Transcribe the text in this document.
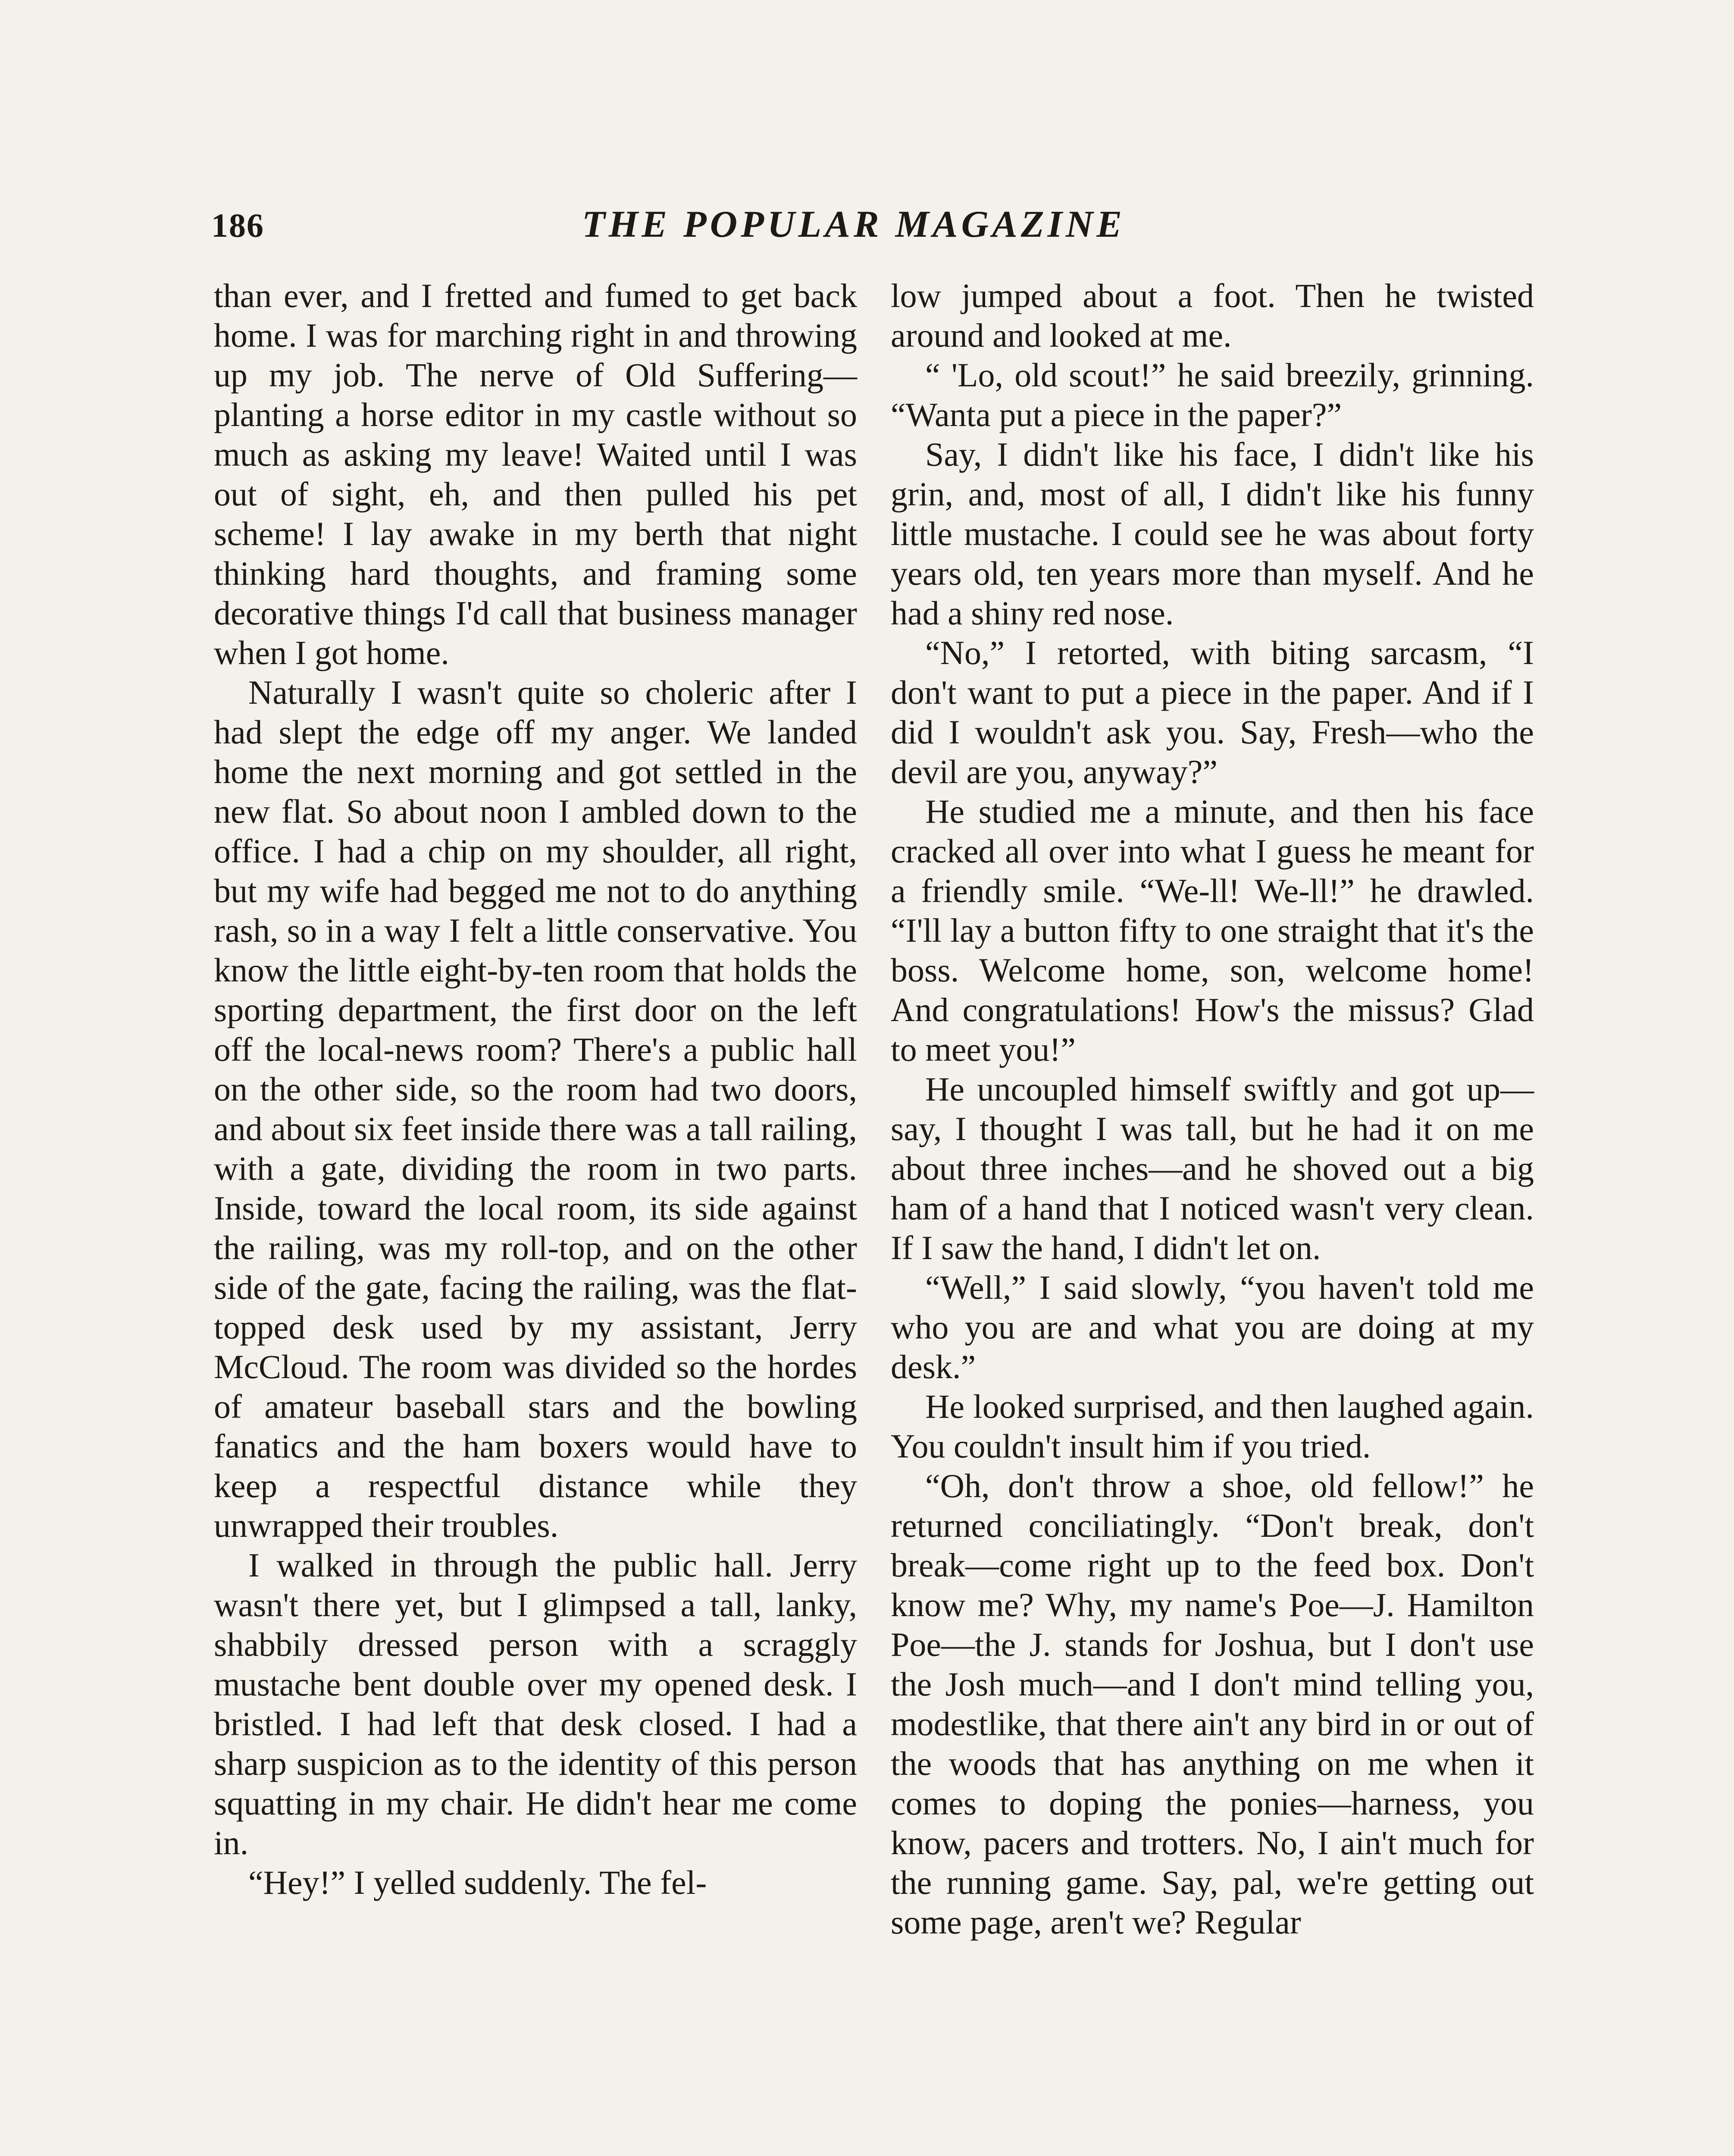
186	THE POPULAR MAGAZINE

than ever, and I fretted and fumed to get back home. I was for marching right in and throwing up my job. The nerve of Old Suffering—planting a horse editor in my castle without so much as asking my leave! Waited until I was out of sight, eh, and then pulled his pet scheme! I lay awake in my berth that night thinking hard thoughts, and framing some decorative things I'd call that business manager when I got home.

Naturally I wasn't quite so choleric after I had slept the edge off my anger. We landed home the next morning and got settled in the new flat. So about noon I ambled down to the office. I had a chip on my shoulder, all right, but my wife had begged me not to do anything rash, so in a way I felt a little conservative. You know the little eight-by-ten room that holds the sporting department, the first door on the left off the local-news room? There's a public hall on the other side, so the room had two doors, and about six feet inside there was a tall railing, with a gate, dividing the room in two parts. Inside, toward the local room, its side against the railing, was my roll-top, and on the other side of the gate, facing the railing, was the flat-topped desk used by my assistant, Jerry McCloud. The room was divided so the hordes of amateur baseball stars and the bowling fanatics and the ham boxers would have to keep a respectful distance while they unwrapped their troubles.

I walked in through the public hall. Jerry wasn't there yet, but I glimpsed a tall, lanky, shabbily dressed person with a scraggly mustache bent double over my opened desk. I bristled. I had left that desk closed. I had a sharp suspicion as to the identity of this person squatting in my chair. He didn't hear me come in.

“Hey!” I yelled suddenly. The fel-

low jumped about a foot. Then he twisted around and looked at me.

“ 'Lo, old scout!” he said breezily, grinning. “Wanta put a piece in the paper?”

Say, I didn't like his face, I didn't like his grin, and, most of all, I didn't like his funny little mustache. I could see he was about forty years old, ten years more than myself. And he had a shiny red nose.

“No,” I retorted, with biting sarcasm, “I don't want to put a piece in the paper. And if I did I wouldn't ask you. Say, Fresh—who the devil are you, anyway?”

He studied me a minute, and then his face cracked all over into what I guess he meant for a friendly smile. “We-ll! We-ll!” he drawled. “I'll lay a button fifty to one straight that it's the boss. Welcome home, son, welcome home! And congratulations! How's the missus? Glad to meet you!”

He uncoupled himself swiftly and got up—say, I thought I was tall, but he had it on me about three inches—and he shoved out a big ham of a hand that I noticed wasn't very clean. If I saw the hand, I didn't let on.

“Well,” I said slowly, “you haven't told me who you are and what you are doing at my desk.”

He looked surprised, and then laughed again. You couldn't insult him if you tried.

“Oh, don't throw a shoe, old fellow!” he returned conciliatingly. “Don't break, don't break—come right up to the feed box. Don't know me? Why, my name's Poe—J. Hamilton Poe—the J. stands for Joshua, but I don't use the Josh much—and I don't mind telling you, modestlike, that there ain't any bird in or out of the woods that has anything on me when it comes to doping the ponies—harness, you know, pacers and trotters. No, I ain't much for the running game. Say, pal, we're getting out some page, aren't we? Regular
